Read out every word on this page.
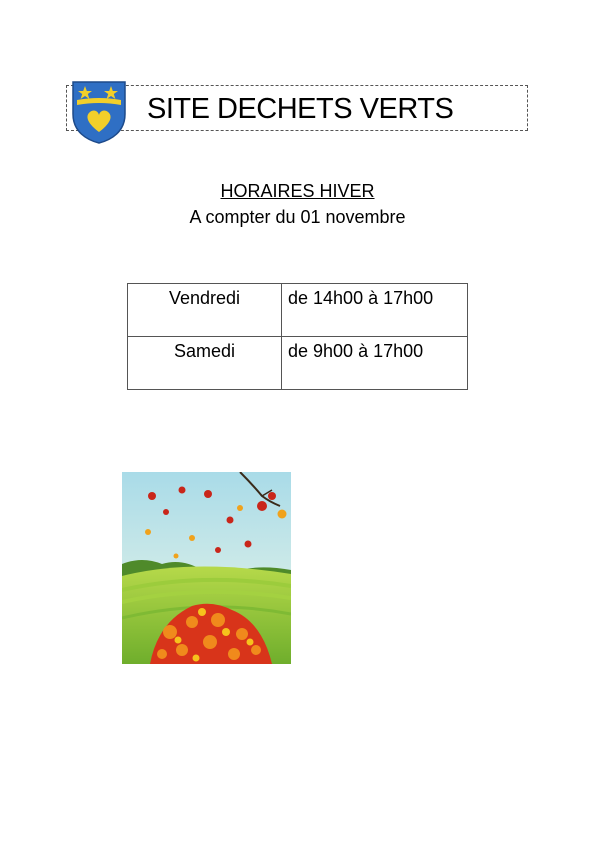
SITE DECHETS VERTS
HORAIRES HIVER
A compter du 01 novembre
Vendredi	de 14h00 à 17h00
Samedi	de 9h00 à 17h00
